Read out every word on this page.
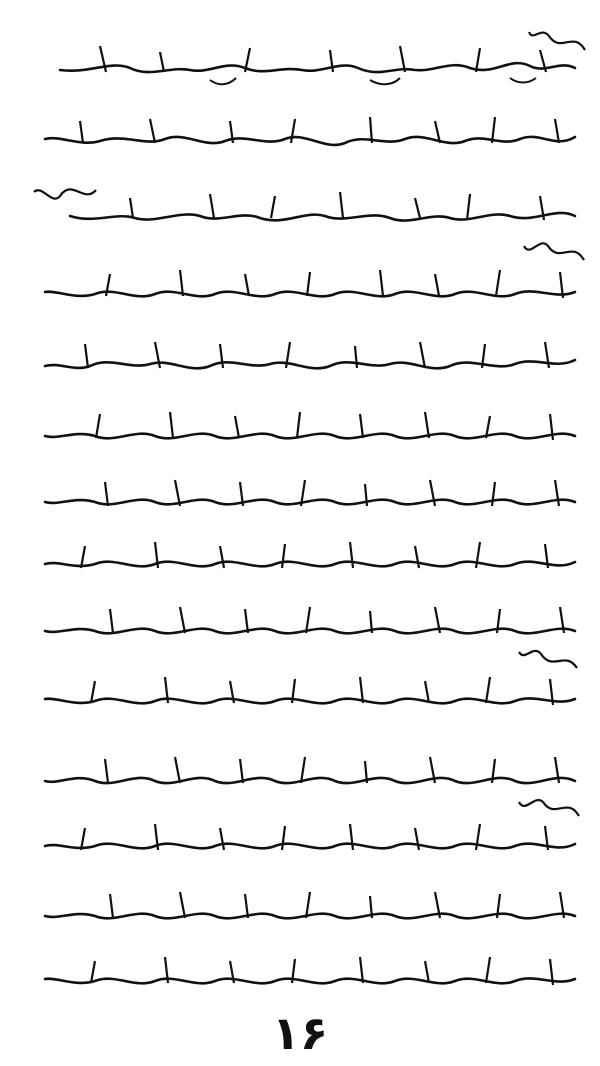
۱۶
